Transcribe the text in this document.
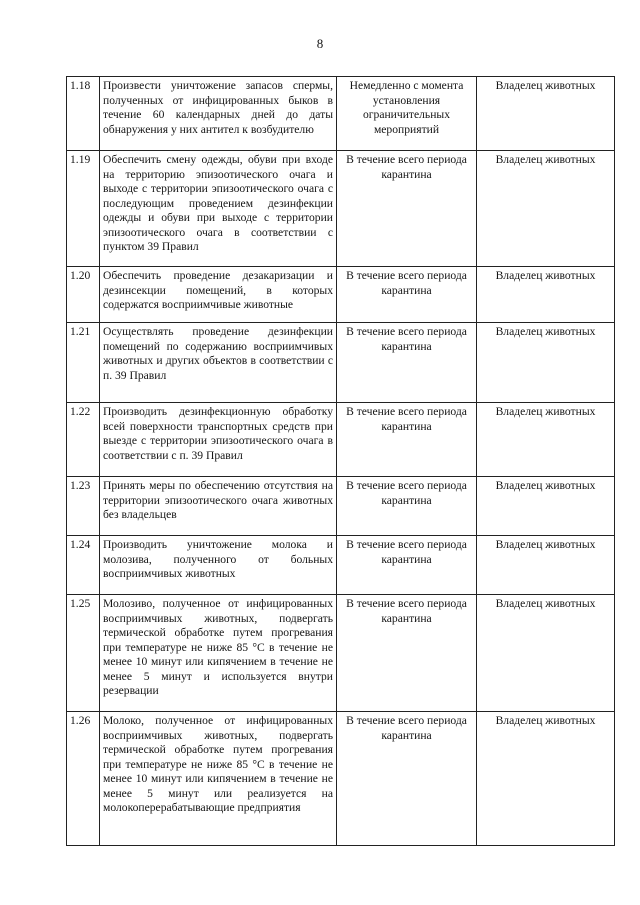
8
1.18	Произвести уничтожение запасов спермы, полученных от инфицированных быков в течение 60 календарных дней до даты обнаружения у них антител к возбудителю	Немедленно с момента установления ограничительных мероприятий	Владелец животных
1.19	Обеспечить смену одежды, обуви при входе на территорию эпизоотического очага и выходе с территории эпизоотического очага с последующим проведением дезинфекции одежды и обуви при выходе с территории эпизоотического очага в соответствии с пунктом 39 Правил	В течение всего периода карантина	Владелец животных
1.20	Обеспечить проведение дезакаризации и дезинсекции помещений, в которых содержатся восприимчивые животные	В течение всего периода карантина	Владелец животных
1.21	Осуществлять проведение дезинфекции помещений по содержанию восприимчивых животных и других объектов в соответствии с п. 39 Правил	В течение всего периода карантина	Владелец животных
1.22	Производить дезинфекционную обработку всей поверхности транспортных средств при выезде с территории эпизоотического очага в соответствии с п. 39 Правил	В течение всего периода карантина	Владелец животных
1.23	Принять меры по обеспечению отсутствия на территории эпизоотического очага животных без владельцев	В течение всего периода карантина	Владелец животных
1.24	Производить уничтожение молока и молозива, полученного от больных восприимчивых животных	В течение всего периода карантина	Владелец животных
1.25	Молозиво, полученное от инфицированных восприимчивых животных, подвергать термической обработке путем прогревания при температуре не ниже 85 °С в течение не менее 10 минут или кипячением в течение не менее 5 минут и используется внутри резервации	В течение всего периода карантина	Владелец животных
1.26	Молоко, полученное от инфицированных восприимчивых животных, подвергать термической обработке путем прогревания при температуре не ниже 85 °С в течение не менее 10 минут или кипячением в течение не менее 5 минут или реализуется на молокоперерабатывающие предприятия	В течение всего периода карантина	Владелец животных
